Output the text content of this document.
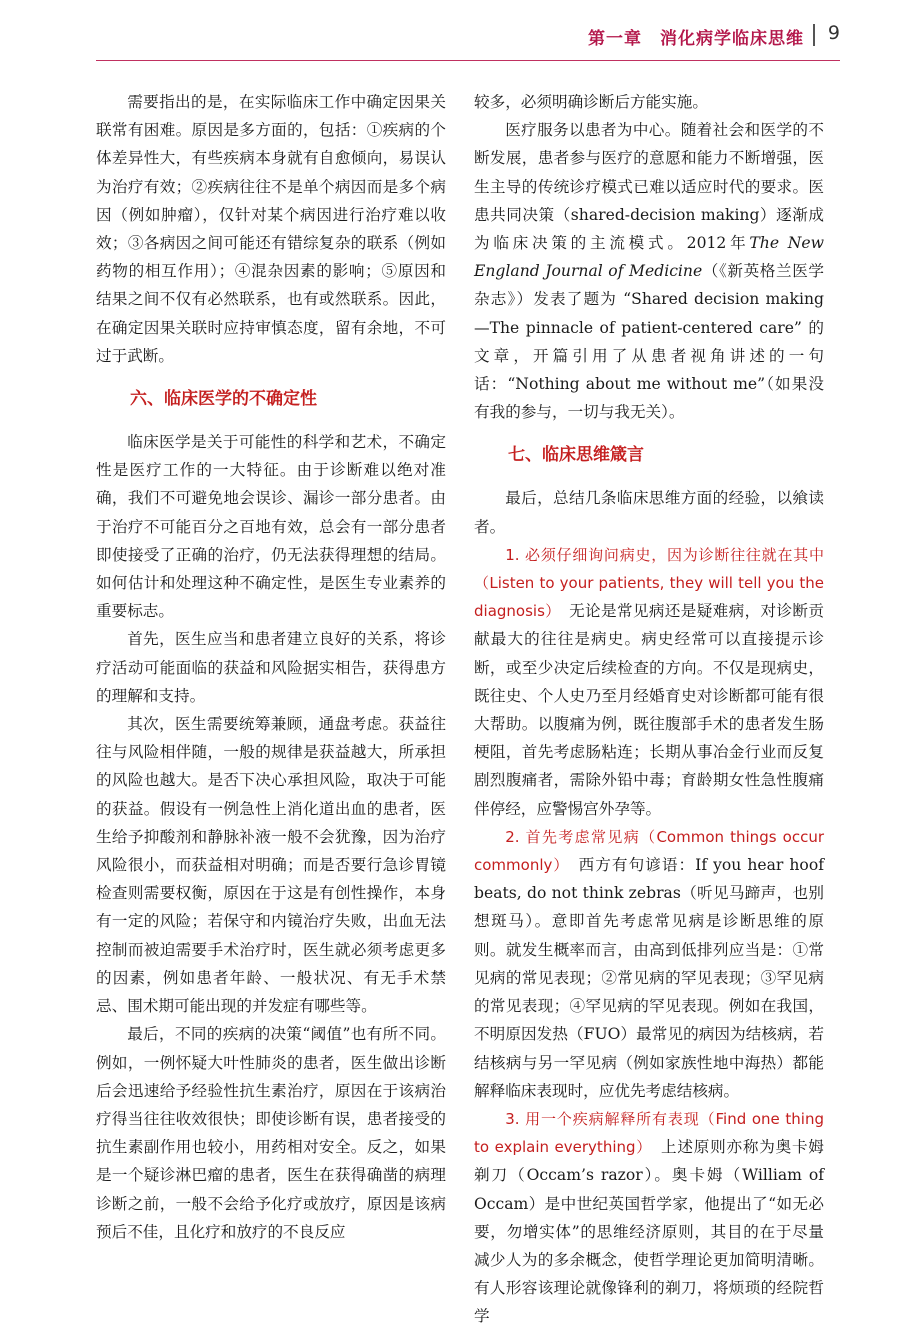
第一章　消化病学临床思维 9

需要指出的是，在实际临床工作中确定因果关联常有困难。原因是多方面的，包括：①疾病的个体差异性大，有些疾病本身就有自愈倾向，易误认为治疗有效；②疾病往往不是单个病因而是多个病因（例如肿瘤），仅针对某个病因进行治疗难以收效；③各病因之间可能还有错综复杂的联系（例如药物的相互作用）；④混杂因素的影响；⑤原因和结果之间不仅有必然联系，也有或然联系。因此，在确定因果关联时应持审慎态度，留有余地，不可过于武断。

六、临床医学的不确定性

临床医学是关于可能性的科学和艺术，不确定性是医疗工作的一大特征。由于诊断难以绝对准确，我们不可避免地会误诊、漏诊一部分患者。由于治疗不可能百分之百地有效，总会有一部分患者即使接受了正确的治疗，仍无法获得理想的结局。如何估计和处理这种不确定性，是医生专业素养的重要标志。

首先，医生应当和患者建立良好的关系，将诊疗活动可能面临的获益和风险据实相告，获得患方的理解和支持。

其次，医生需要统筹兼顾，通盘考虑。获益往往与风险相伴随，一般的规律是获益越大，所承担的风险也越大。是否下决心承担风险，取决于可能的获益。假设有一例急性上消化道出血的患者，医生给予抑酸剂和静脉补液一般不会犹豫，因为治疗风险很小，而获益相对明确；而是否要行急诊胃镜检查则需要权衡，原因在于这是有创性操作，本身有一定的风险；若保守和内镜治疗失败，出血无法控制而被迫需要手术治疗时，医生就必须考虑更多的因素，例如患者年龄、一般状况、有无手术禁忌、围术期可能出现的并发症有哪些等。

最后，不同的疾病的决策“阈值”也有所不同。例如，一例怀疑大叶性肺炎的患者，医生做出诊断后会迅速给予经验性抗生素治疗，原因在于该病治疗得当往往收效很快；即使诊断有误，患者接受的抗生素副作用也较小，用药相对安全。反之，如果是一个疑诊淋巴瘤的患者，医生在获得确凿的病理诊断之前，一般不会给予化疗或放疗，原因是该病预后不佳，且化疗和放疗的不良反应

较多，必须明确诊断后方能实施。

医疗服务以患者为中心。随着社会和医学的不断发展，患者参与医疗的意愿和能力不断增强，医生主导的传统诊疗模式已难以适应时代的要求。医患共同决策（shared-decision making）逐渐成为临床决策的主流模式。2012年The New England Journal of Medicine（《新英格兰医学杂志》）发表了题为 “Shared decision making—The pinnacle of patient-centered care” 的文章，开篇引用了从患者视角讲述的一句话：“Nothing about me without me”（如果没有我的参与，一切与我无关）。

七、临床思维箴言

最后，总结几条临床思维方面的经验，以飨读者。

1. 必须仔细询问病史，因为诊断往往就在其中（Listen to your patients, they will tell you the diagnosis）　 无论是常见病还是疑难病，对诊断贡献最大的往往是病史。病史经常可以直接提示诊断，或至少决定后续检查的方向。不仅是现病史，既往史、个人史乃至月经婚育史对诊断都可能有很大帮助。以腹痛为例，既往腹部手术的患者发生肠梗阻，首先考虑肠粘连；长期从事冶金行业而反复剧烈腹痛者，需除外铅中毒；育龄期女性急性腹痛伴停经，应警惕宫外孕等。

2. 首先考虑常见病（Common things occur commonly）　 西方有句谚语：If you hear hoof beats, do not think zebras（听见马蹄声，也别想斑马）。意即首先考虑常见病是诊断思维的原则。就发生概率而言，由高到低排列应当是：①常见病的常见表现；②常见病的罕见表现；③罕见病的常见表现；④罕见病的罕见表现。例如在我国，不明原因发热（FUO）最常见的病因为结核病，若结核病与另一罕见病（例如家族性地中海热）都能解释临床表现时，应优先考虑结核病。

3. 用一个疾病解释所有表现（Find one thing to explain everything）　 上述原则亦称为奥卡姆剃刀（Occam’s razor）。奥卡姆（William of Occam）是中世纪英国哲学家，他提出了“如无必要，勿增实体”的思维经济原则，其目的在于尽量减少人为的多余概念，使哲学理论更加简明清晰。有人形容该理论就像锋利的剃刀，将烦琐的经院哲学
